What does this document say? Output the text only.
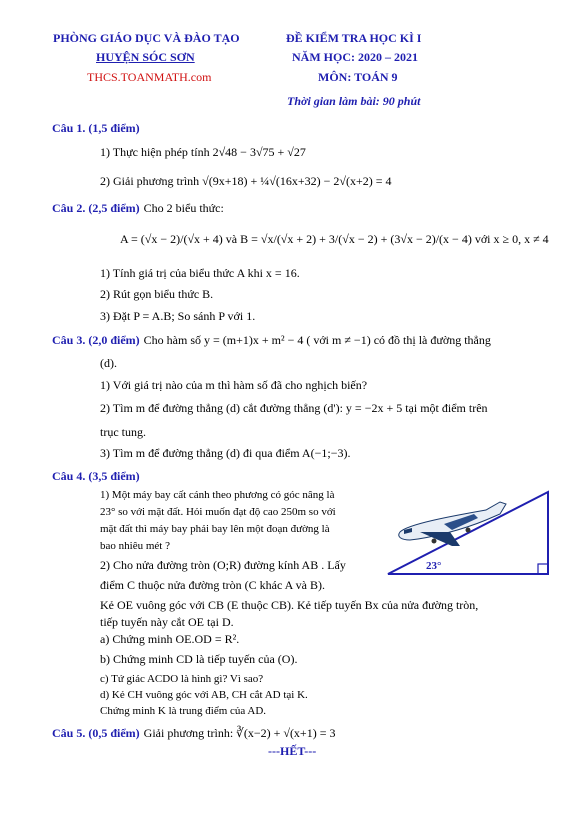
PHÒNG GIÁO DỤC VÀ ĐÀO TẠO
HUYỆN SÓC SƠN
THCS.TOANMATH.com
ĐỀ KIỂM TRA HỌC KÌ I
NĂM HỌC: 2020 – 2021
MÔN: TOÁN 9
Thời gian làm bài: 90 phút
Câu 1. (1,5 điểm)
1) Thực hiện phép tính 2√48 − 3√75 + √27
2) Giải phương trình √(9x+18) + ¼√(16x+32) − 2√(x+2) = 4
Câu 2. (2,5 điểm) Cho 2 biểu thức:
A = (√x − 2)/(√x + 4) và B = √x/(√x + 2) + 3/(√x − 2) + (3√x − 2)/(x − 4) với x ≥ 0, x ≠ 4
1) Tính giá trị của biểu thức A khi x = 16.
2) Rút gọn biểu thức B.
3) Đặt P = A.B; So sánh P với 1.
Câu 3. (2,0 điểm) Cho hàm số y = (m+1)x + m² − 4 ( với m ≠ −1) có đồ thị là đường thẳng
(d).
1) Với giá trị nào của m thì hàm số đã cho nghịch biến?
2) Tìm m để đường thẳng (d) cắt đường thẳng (d'): y = −2x + 5 tại một điểm trên
trục tung.
3) Tìm m để đường thẳng (d) đi qua điểm A(−1;−3).
Câu 4. (3,5 điểm)
1) Một máy bay cất cánh theo phương có góc nâng là
23° so với mặt đất. Hỏi muốn đạt độ cao 250m so với
mặt đất thì máy bay phải bay lên một đoạn đường là
bao nhiêu mét ?
23°
2) Cho nửa đường tròn (O;R) đường kính AB . Lấy
điểm C thuộc nửa đường tròn (C khác A và B).
Kẻ OE vuông góc với CB (E thuộc CB). Kẻ tiếp tuyến Bx của nửa đường tròn,
tiếp tuyến này cắt OE tại D.
a) Chứng minh OE.OD = R².
b) Chứng minh CD là tiếp tuyến của (O).
c) Tứ giác ACDO là hình gì? Vì sao?
d) Kẻ CH vuông góc với AB, CH cắt AD tại K.
Chứng minh K là trung điểm của AD.
Câu 5. (0,5 điểm) Giải phương trình: ∛(x−2) + √(x+1) = 3
---HẾT---
